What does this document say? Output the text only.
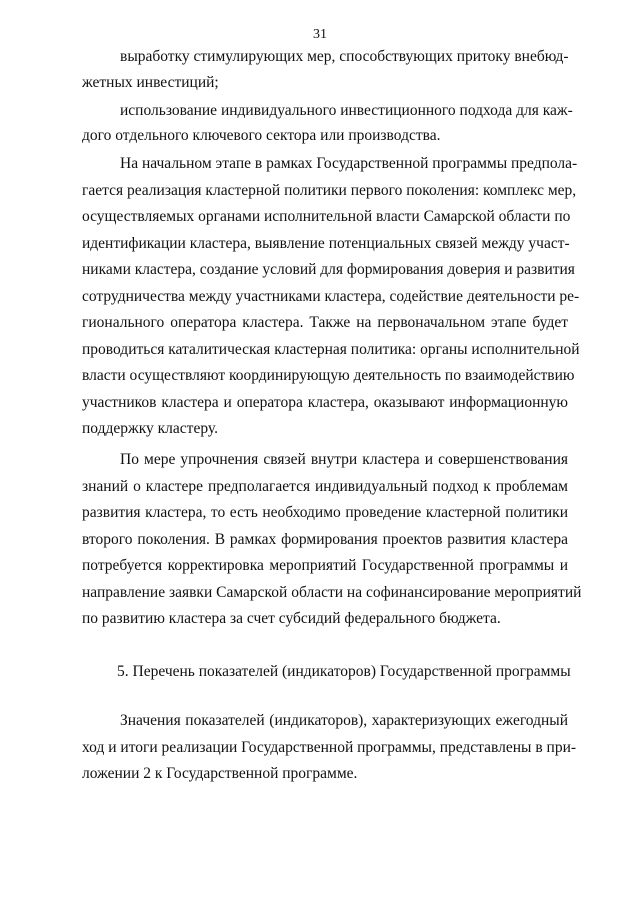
31
выработку стимулирующих мер, способствующих притоку внебюд-
жетных инвестиций;
использование индивидуального инвестиционного подхода для каж-
дого отдельного ключевого сектора или производства.
На начальном этапе в рамках Государственной программы предпола-
гается реализация кластерной политики первого поколения: комплекс мер,
осуществляемых органами исполнительной власти Самарской области по
идентификации кластера, выявление потенциальных связей между участ-
никами кластера, создание условий для формирования доверия и развития
сотрудничества между участниками кластера, содействие деятельности ре-
гионального оператора кластера. Также на первоначальном этапе будет
проводиться каталитическая кластерная политика: органы исполнительной
власти осуществляют координирующую деятельность по взаимодействию
участников кластера и оператора кластера, оказывают информационную
поддержку кластеру.
По мере упрочнения связей внутри кластера и совершенствования
знаний о кластере предполагается индивидуальный подход к проблемам
развития кластера, то есть необходимо проведение кластерной политики
второго поколения. В рамках формирования проектов развития кластера
потребуется корректировка мероприятий Государственной программы и
направление заявки Самарской области на софинансирование мероприятий
по развитию кластера за счет субсидий федерального бюджета.
5. Перечень показателей (индикаторов) Государственной программы
Значения показателей (индикаторов), характеризующих ежегодный
ход и итоги реализации Государственной программы, представлены в при-
ложении 2 к Государственной программе.
